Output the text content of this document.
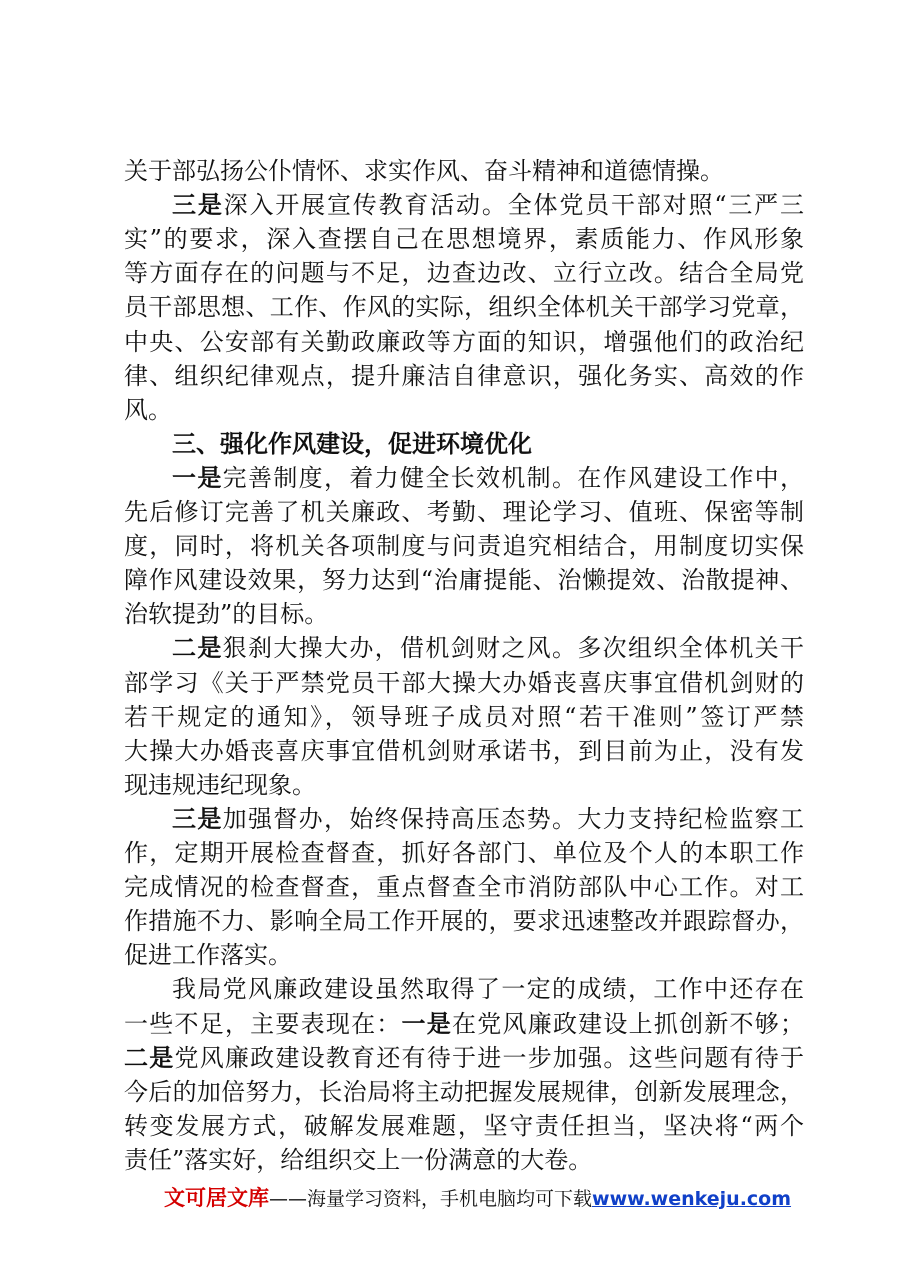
关于部弘扬公仆情怀、求实作风、奋斗精神和道德情操。
三是深入开展宣传教育活动。全体党员干部对照“三严三
实”的要求，深入查摆自己在思想境界，素质能力、作风形象
等方面存在的问题与不足，边查边改、立行立改。结合全局党
员干部思想、工作、作风的实际，组织全体机关干部学习党章，
中央、公安部有关勤政廉政等方面的知识，增强他们的政治纪
律、组织纪律观点，提升廉洁自律意识，强化务实、高效的作
风。
三、强化作风建设，促进环境优化
一是完善制度，着力健全长效机制。在作风建设工作中，
先后修订完善了机关廉政、考勤、理论学习、值班、保密等制
度，同时，将机关各项制度与问责追究相结合，用制度切实保
障作风建设效果，努力达到“治庸提能、治懒提效、治散提神、
治软提劲”的目标。
二是狠刹大操大办，借机剑财之风。多次组织全体机关干
部学习《关于严禁党员干部大操大办婚丧喜庆事宜借机剑财的
若干规定的通知》，领导班子成员对照“若干准则”签订严禁
大操大办婚丧喜庆事宜借机剑财承诺书，到目前为止，没有发
现违规违纪现象。
三是加强督办，始终保持高压态势。大力支持纪检监察工
作，定期开展检查督查，抓好各部门、单位及个人的本职工作
完成情况的检查督查，重点督查全市消防部队中心工作。对工
作措施不力、影响全局工作开展的，要求迅速整改并跟踪督办，
促进工作落实。
我局党风廉政建设虽然取得了一定的成绩，工作中还存在
一些不足，主要表现在：一是在党风廉政建设上抓创新不够；
二是党风廉政建设教育还有待于进一步加强。这些问题有待于
今后的加倍努力，长治局将主动把握发展规律，创新发展理念，
转变发展方式，破解发展难题，坚守责任担当，坚决将“两个
责任”落实好，给组织交上一份满意的大卷。
文可居文库——海量学习资料，手机电脑均可下载www.wenkeju.com
